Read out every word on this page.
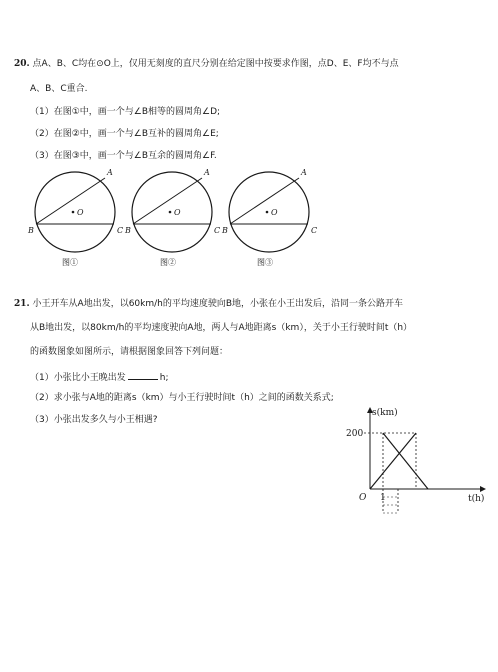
20. 点A、B、C均在⊙O上，仅用无刻度的直尺分别在给定图中按要求作图，点D、E、F均不与点
A、B、C重合.
（1）在图①中，画一个与∠B相等的圆周角∠D;
（2）在图②中，画一个与∠B互补的圆周角∠E;
（3）在图③中，画一个与∠B互余的圆周角∠F.
O
A
B	C
图①
O
A
B	C
图②
O
A
B	C
图③
21. 小王开车从A地出发，以60km/h的平均速度驶向B地，小张在小王出发后，沿同一条公路开车
从B地出发，以80km/h的平均速度驶向A地，两人与A地距离s（km），关于小王行驶时间t（h）
的函数图象如图所示，请根据图象回答下列问题：
（1）小张比小王晚出发	h;
（2）求小张与A地的距离s（km）与小王行驶时间t（h）之间的函数关系式;
（3）小张出发多久与小王相遇?
s(km)
t(h)
200
1
O
